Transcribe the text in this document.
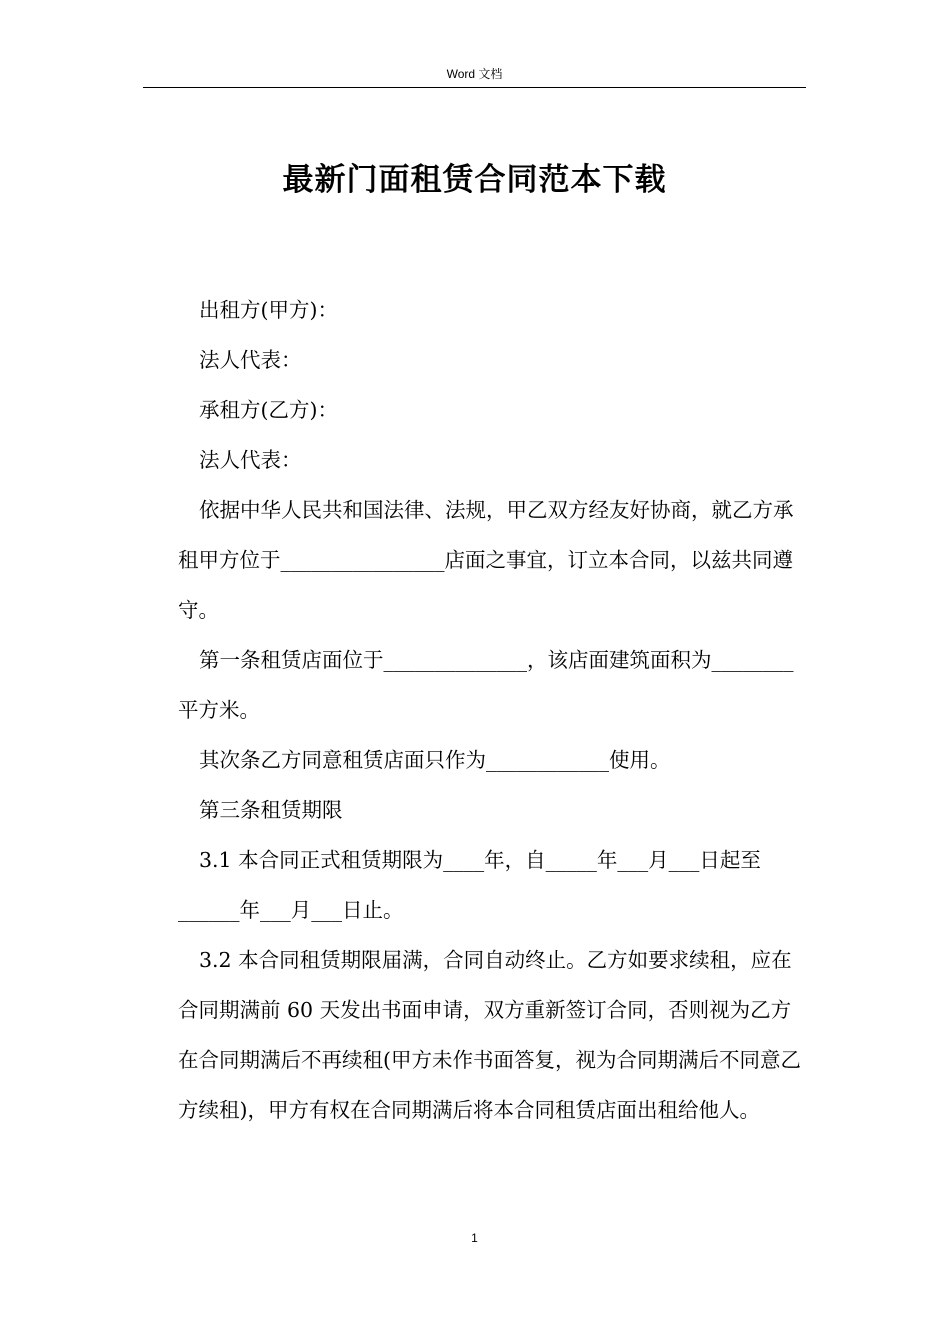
Word 文档
最新门面租赁合同范本下载

出租方(甲方)：

法人代表：

承租方(乙方)：

法人代表：

依据中华人民共和国法律、法规，甲乙双方经友好协商，就乙方承租甲方位于________________店面之事宜，订立本合同，以兹共同遵守。

第一条租赁店面位于______________，该店面建筑面积为________平方米。

其次条乙方同意租赁店面只作为____________使用。

第三条租赁期限

3.1 本合同正式租赁期限为____年，自_____年___月___日起至______年___月___日止。

3.2 本合同租赁期限届满，合同自动终止。乙方如要求续租，应在合同期满前 60 天发出书面申请，双方重新签订合同，否则视为乙方在合同期满后不再续租(甲方未作书面答复，视为合同期满后不同意乙方续租)，甲方有权在合同期满后将本合同租赁店面出租给他人。

1
